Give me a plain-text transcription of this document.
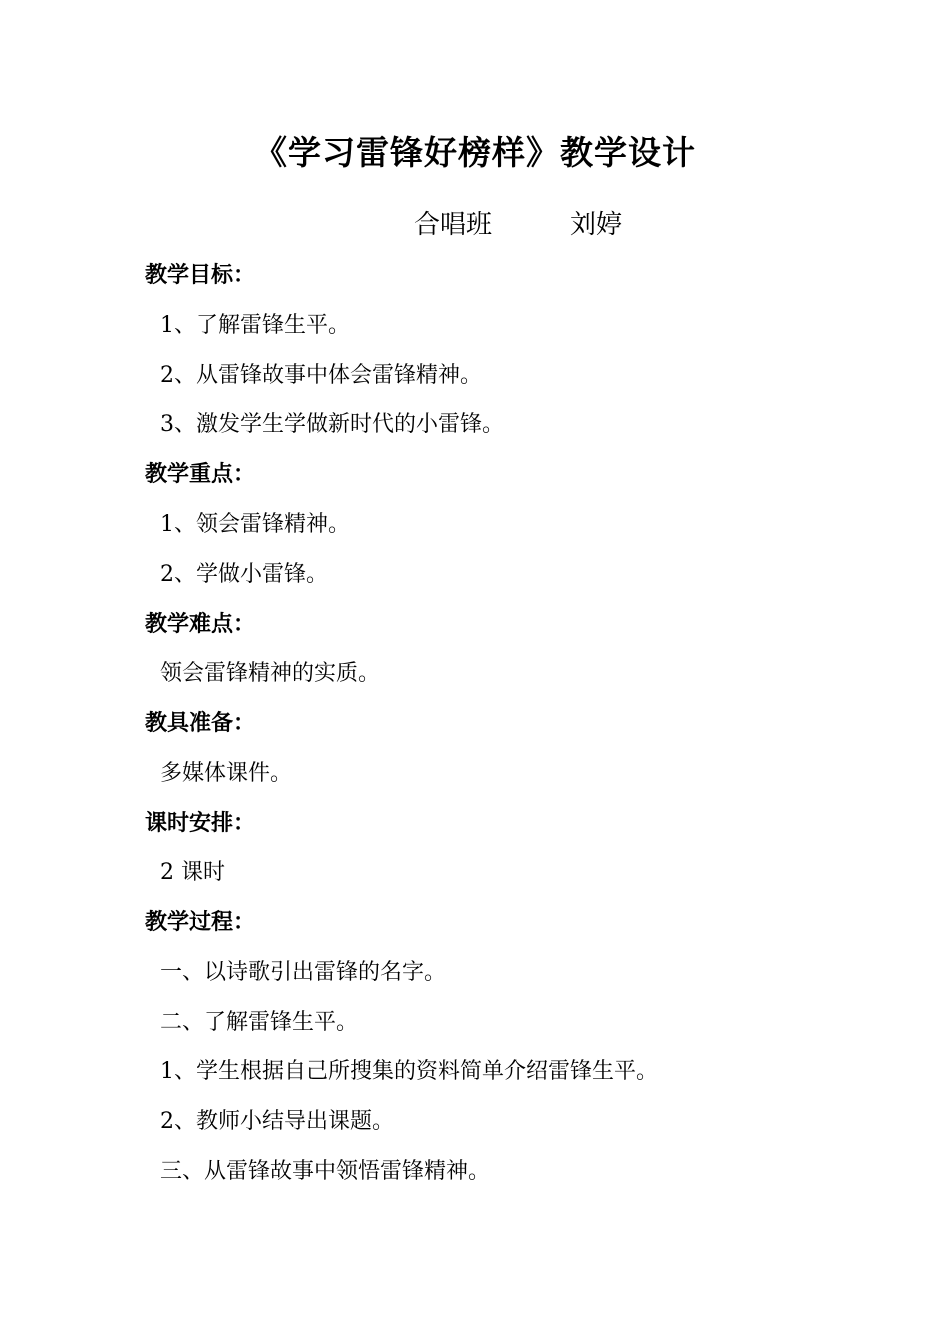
《学习雷锋好榜样》教学设计
合唱班	刘婷
教学目标：

1、了解雷锋生平。

2、从雷锋故事中体会雷锋精神。

3、激发学生学做新时代的小雷锋。

教学重点：

1、领会雷锋精神。

2、学做小雷锋。

教学难点：

领会雷锋精神的实质。

教具准备：

多媒体课件。

课时安排：

2 课时

教学过程：

一、以诗歌引出雷锋的名字。

二、了解雷锋生平。

1、学生根据自己所搜集的资料简单介绍雷锋生平。

2、教师小结导出课题。

三、从雷锋故事中领悟雷锋精神。
